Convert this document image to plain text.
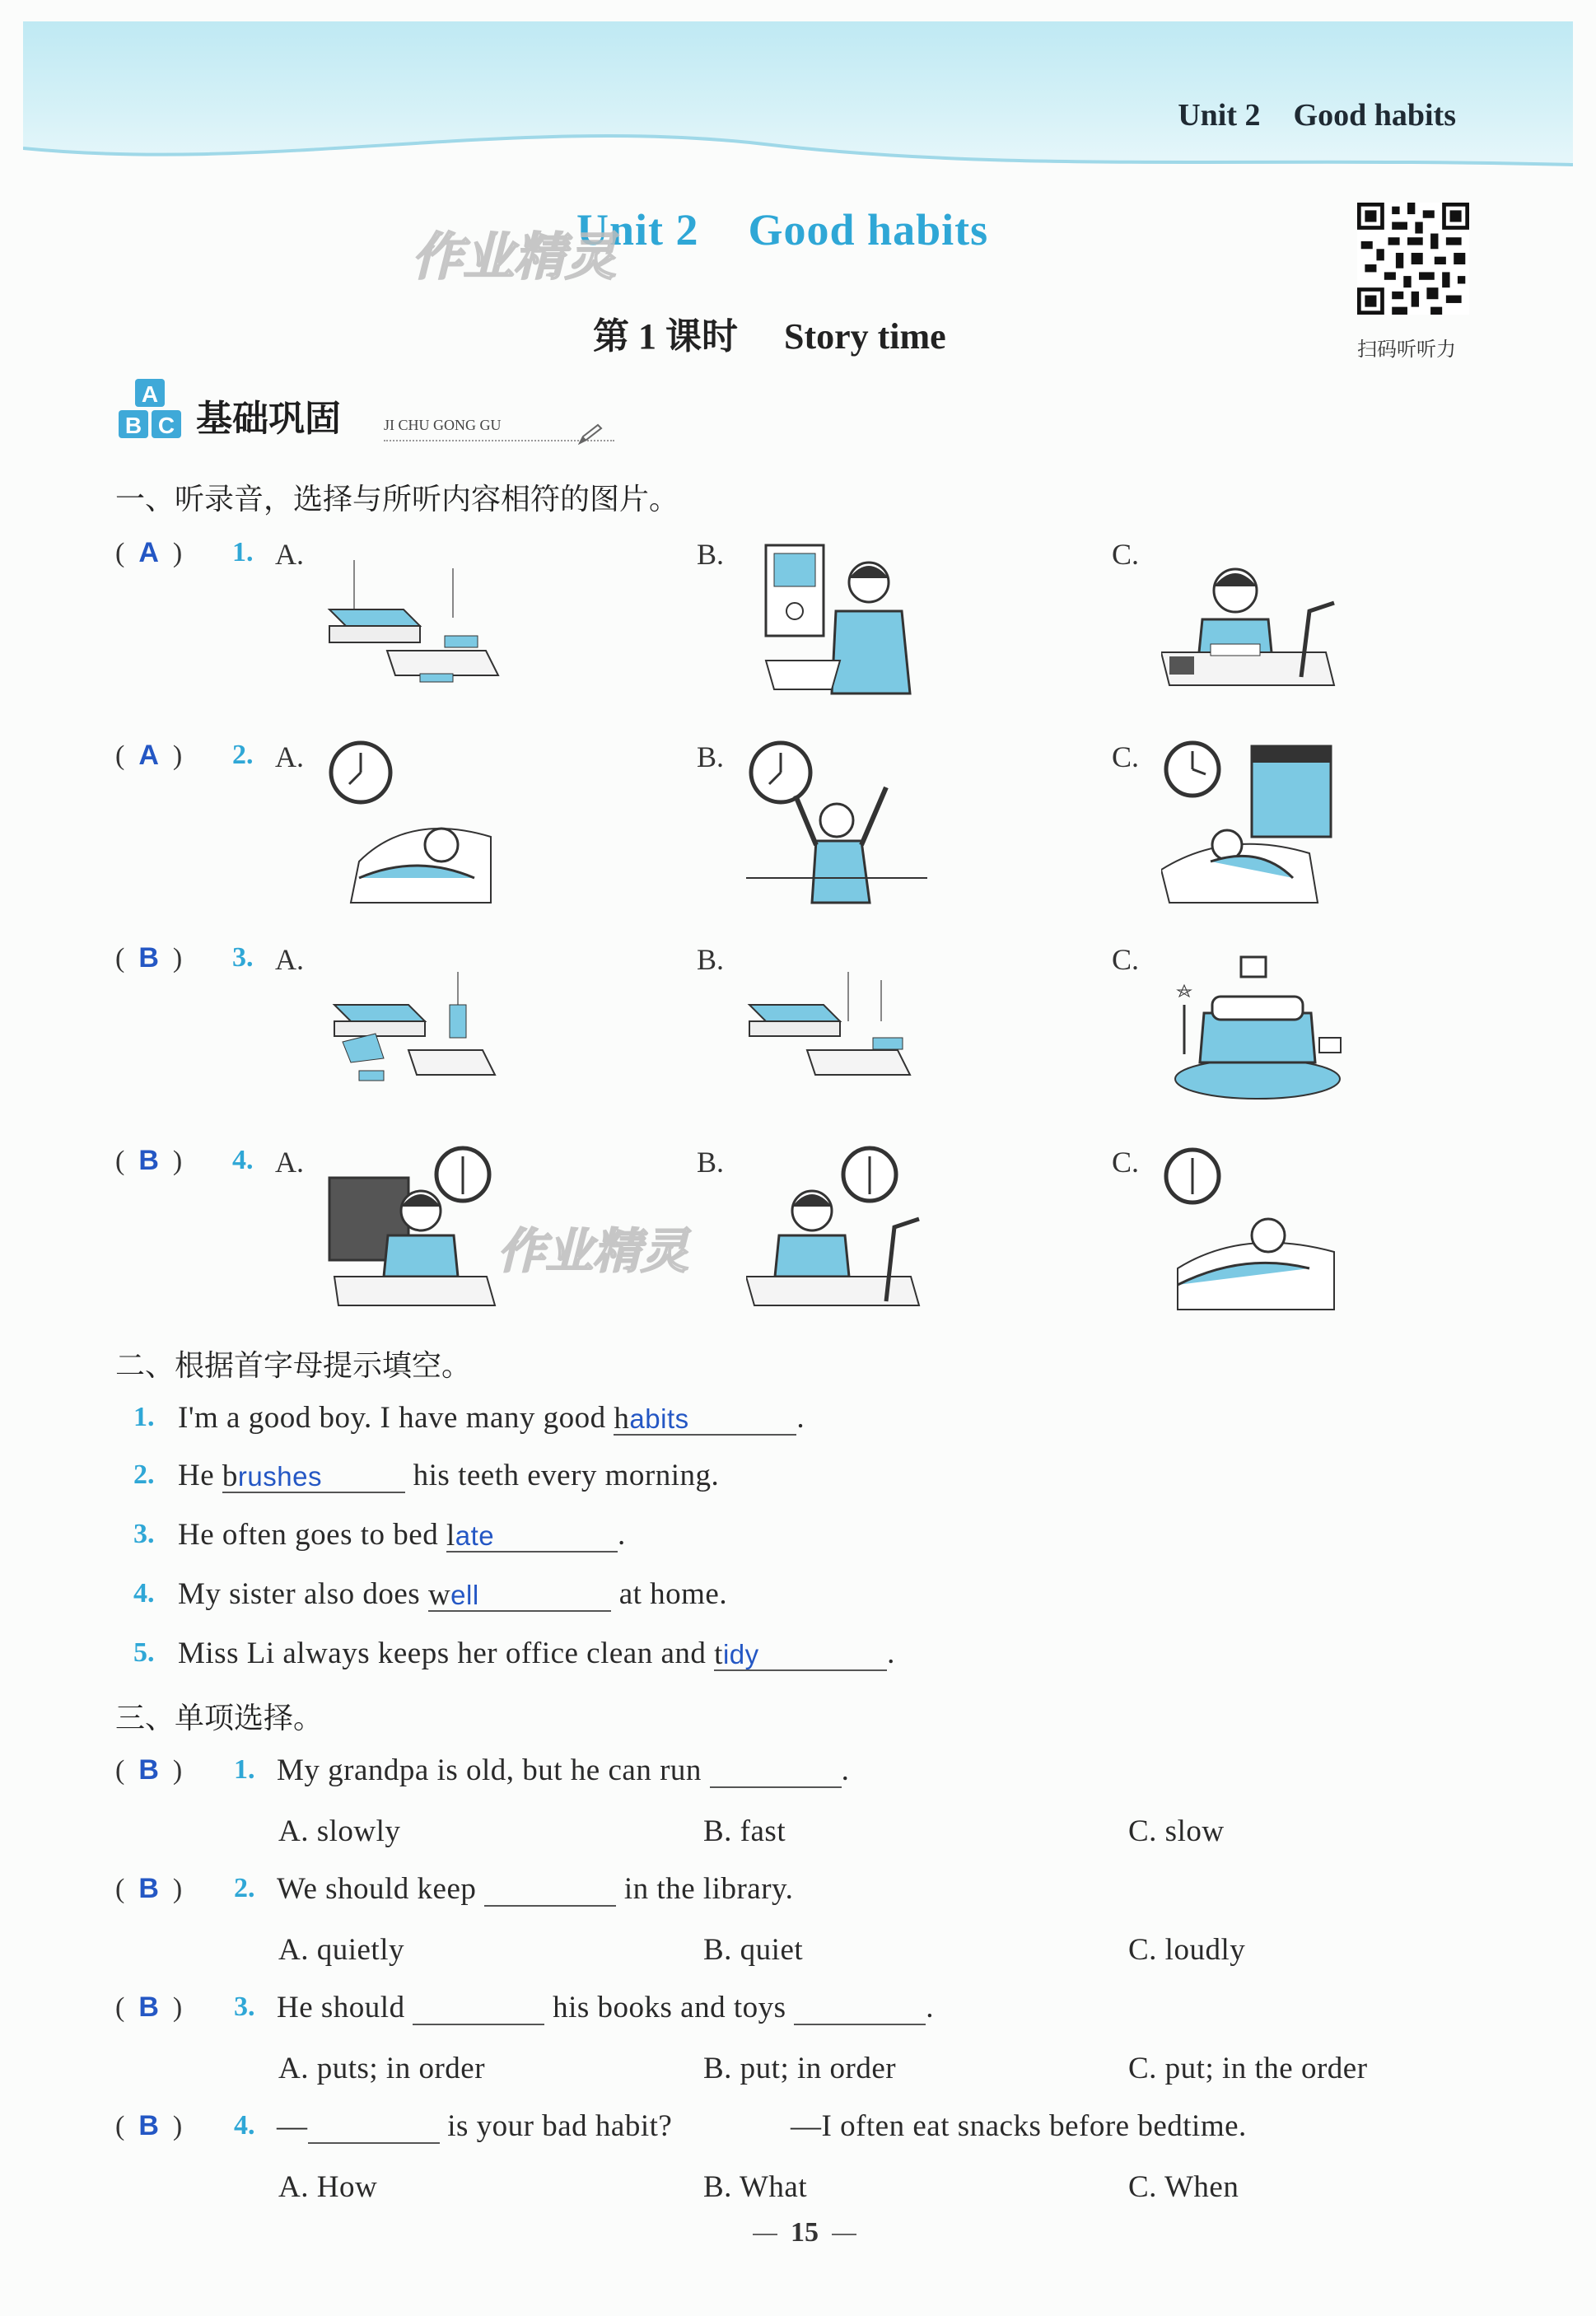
Unit 2 Good habits
Unit 2 Good habits
作业精灵
第 1 课时 Story time	扫码听听力
A
B C 基础巩固	JI CHU GONG GU
一、听录音，选择与所听内容相符的图片。
(  A  ) 1. A.	B.	C.
(  A  ) 2. A.	B.	C.
(  B  ) 3. A.	B.	C.
(  B  ) 4. A.	B.	C.
作业精灵
二、根据首字母提示填空。
1. I'm a good boy. I have many good habits	.
2. He brushes	his teeth every morning.
3. He often goes to bed late	.
4. My sister also does well	at home.
5. Miss Li always keeps her office clean and tidy	.
三、单项选择。
(  B  ) 1. My grandpa is old, but he can run	.
A. slowly	B. fast	C. slow
(  B  ) 2. We should keep	in the library.
A. quietly	B. quiet	C. loudly
(  B  ) 3. He should	his books and toys	.
A. puts; in order	B. put; in order	C. put; in the order
(  B  ) 4. —	is your bad habit?	—I often eat snacks before bedtime.
A. How	B. What	C. When
15
